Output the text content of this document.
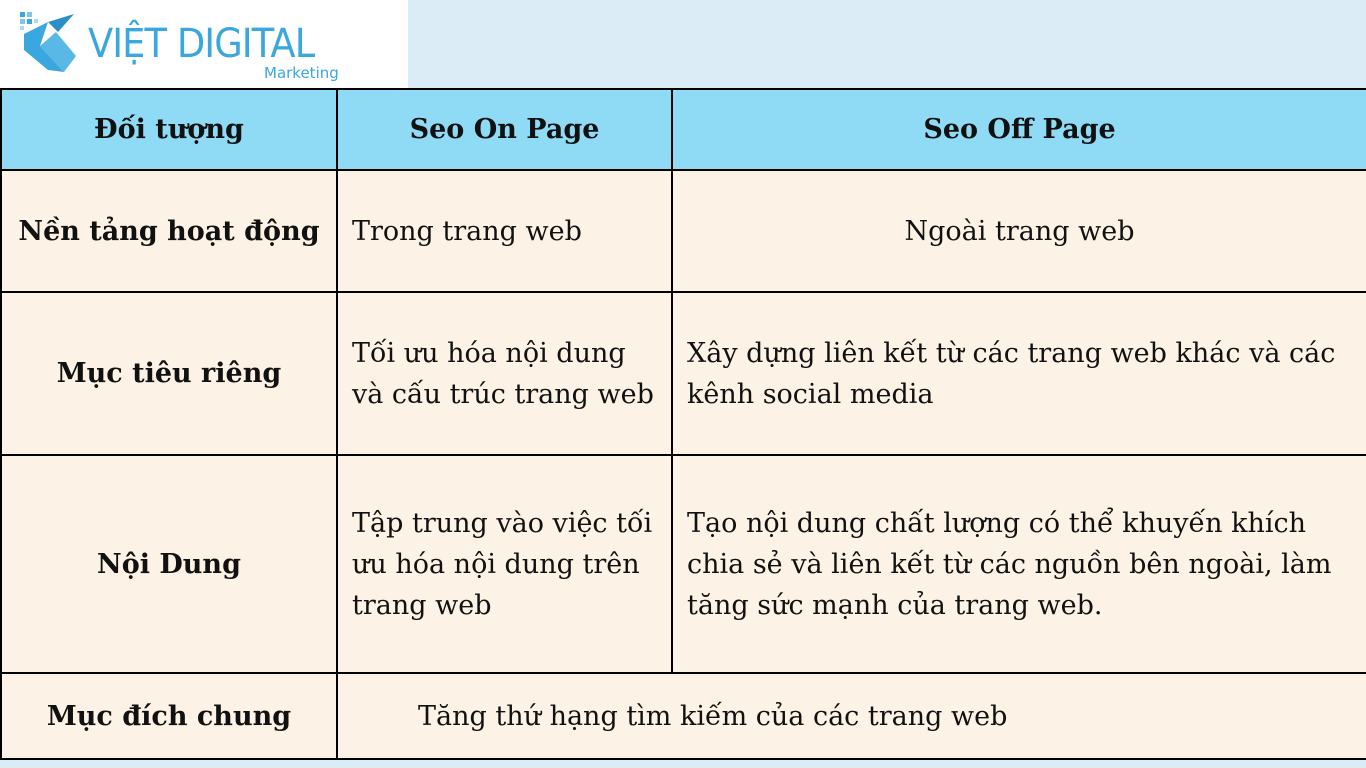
VIỆT DIGITAL
Marketing
Đối tượng	Seo On Page	Seo Off Page
Nền tảng hoạt động	Trong trang web	Ngoài trang web
Mục tiêu riêng	Tối ưu hóa nội dung và cấu trúc trang web	Xây dựng liên kết từ các trang web khác và các kênh social media
Nội Dung	Tập trung vào việc tối ưu hóa nội dung trên trang web	Tạo nội dung chất lượng có thể khuyến khích chia sẻ và liên kết từ các nguồn bên ngoài, làm tăng sức mạnh của trang web.
Mục đích chung	Tăng thứ hạng tìm kiếm của các trang web	
